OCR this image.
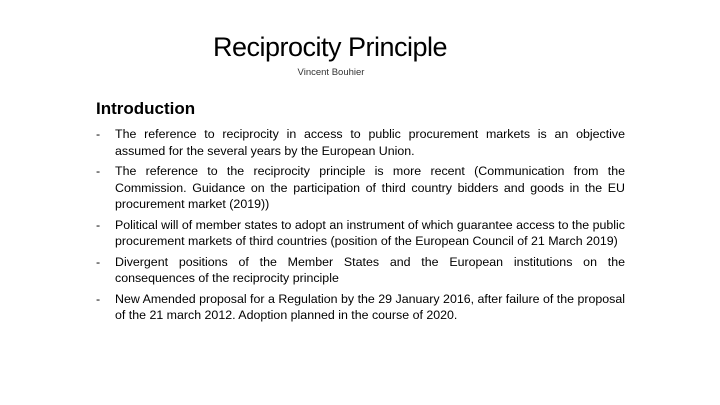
Reciprocity Principle
Vincent Bouhier
Introduction
- The reference to reciprocity in access to public procurement markets is an objective assumed for the several years by the European Union.
- The reference to the reciprocity principle is more recent (Communication from the Commission. Guidance on the participation of third country bidders and goods in the EU procurement market (2019))
- Political will of member states to adopt an instrument of which guarantee access to the public procurement markets of third countries (position of the European Council of 21 March 2019)
- Divergent positions of the Member States and the European institutions on the consequences of the reciprocity principle
- New Amended proposal for a Regulation by the 29 January 2016, after failure of the proposal of the 21 march 2012. Adoption planned in the course of 2020.
